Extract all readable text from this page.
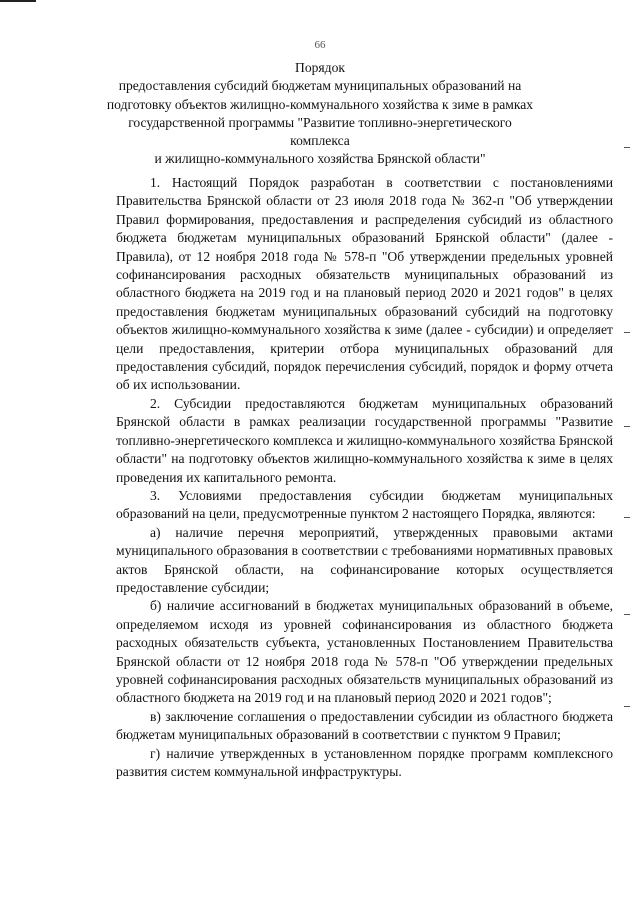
66
Порядок
предоставления субсидий бюджетам муниципальных образований на
подготовку объектов жилищно-коммунального хозяйства к зиме в рамках
государственной программы "Развитие топливно-энергетического комплекса
и жилищно-коммунального хозяйства Брянской области"

1. Настоящий Порядок разработан в соответствии с постановлениями Правительства Брянской области от 23 июля 2018 года № 362-п "Об утверждении Правил формирования, предоставления и распределения субсидий из областного бюджета бюджетам муниципальных образований Брянской области" (далее - Правила), от 12 ноября 2018 года № 578-п "Об утверждении предельных уровней софинансирования расходных обязательств муниципальных образований из областного бюджета на 2019 год и на плановый период 2020 и 2021 годов" в целях предоставления бюджетам муниципальных образований субсидий на подготовку объектов жилищно-коммунального хозяйства к зиме (далее - субсидии) и определяет цели предоставления, критерии отбора муниципальных образований для предоставления субсидий, порядок перечисления субсидий, порядок и форму отчета об их использовании.

2. Субсидии предоставляются бюджетам муниципальных образований Брянской области в рамках реализации государственной программы "Развитие топливно-энергетического комплекса и жилищно-коммунального хозяйства Брянской области" на подготовку объектов жилищно-коммунального хозяйства к зиме в целях проведения их капитального ремонта.

3. Условиями предоставления субсидии бюджетам муниципальных образований на цели, предусмотренные пунктом 2 настоящего Порядка, являются:

а) наличие перечня мероприятий, утвержденных правовыми актами муниципального образования в соответствии с требованиями нормативных правовых актов Брянской области, на софинансирование которых осуществляется предоставление субсидии;

б) наличие ассигнований в бюджетах муниципальных образований в объеме, определяемом исходя из уровней софинансирования из областного бюджета расходных обязательств субъекта, установленных Постановлением Правительства Брянской области от 12 ноября 2018 года № 578-п "Об утверждении предельных уровней софинансирования расходных обязательств муниципальных образований из областного бюджета на 2019 год и на плановый период 2020 и 2021 годов";

в) заключение соглашения о предоставлении субсидии из областного бюджета бюджетам муниципальных образований в соответствии с пунктом 9 Правил;

г) наличие утвержденных в установленном порядке программ комплексного развития систем коммунальной инфраструктуры.
